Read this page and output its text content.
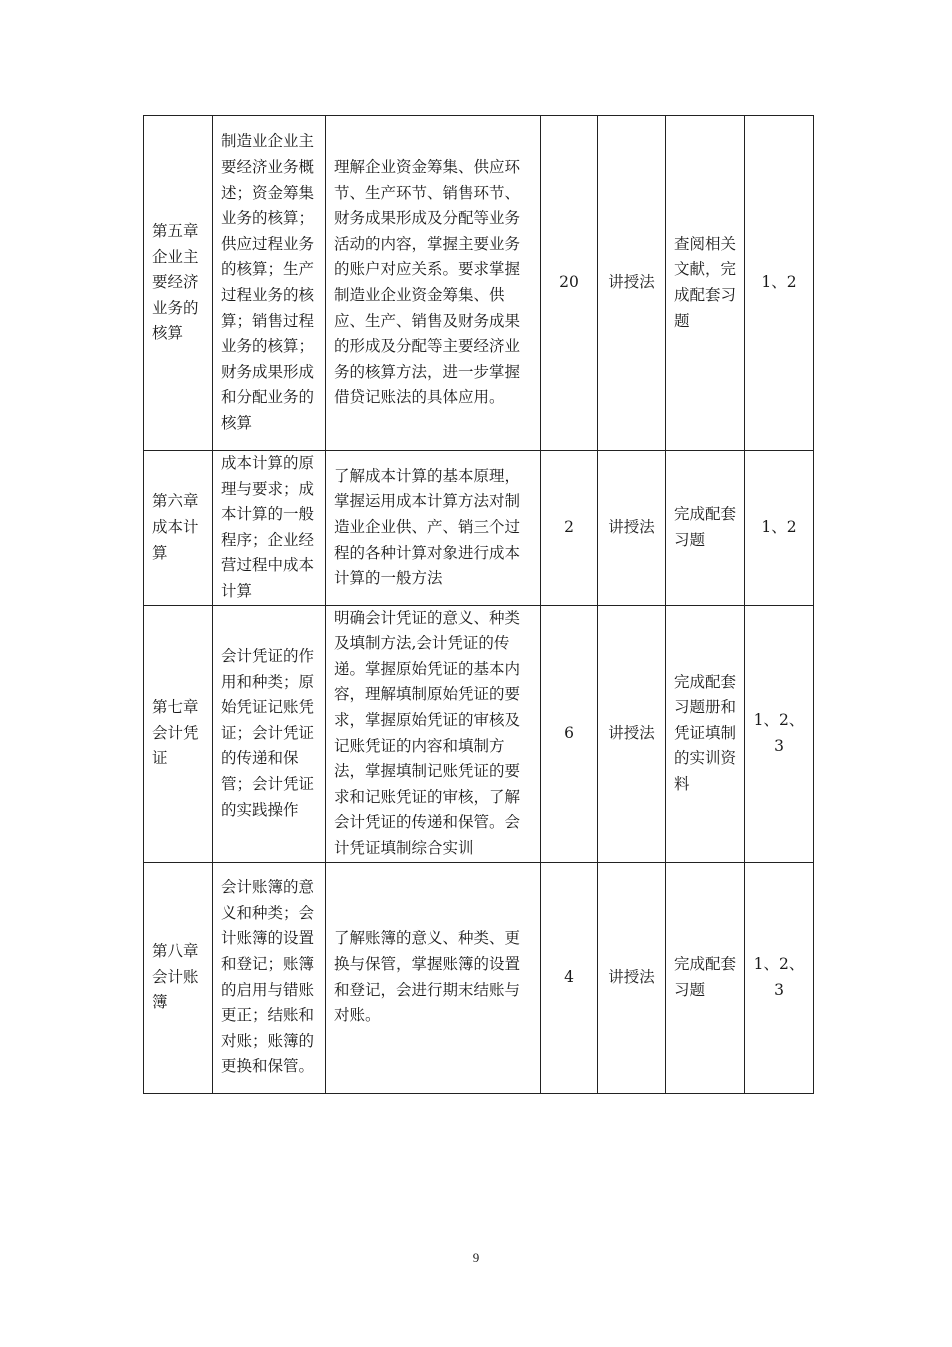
第五章企业主要经济业务的核算	制造业企业主要经济业务概述；资金筹集业务的核算；供应过程业务的核算；生产过程业务的核算；销售过程业务的核算；财务成果形成和分配业务的核算	理解企业资金筹集、供应环节、生产环节、销售环节、财务成果形成及分配等业务活动的内容，掌握主要业务的账户对应关系。要求掌握制造业企业资金筹集、供应、生产、销售及财务成果的形成及分配等主要经济业务的核算方法，进一步掌握借贷记账法的具体应用。	20	讲授法	查阅相关文献，完成配套习题	1、2
第六章成本计算	成本计算的原理与要求；成本计算的一般程序；企业经营过程中成本计算	了解成本计算的基本原理，掌握运用成本计算方法对制造业企业供、产、销三个过程的各种计算对象进行成本计算的一般方法	2	讲授法	完成配套习题	1、2
第七章会计凭证	会计凭证的作用和种类；原始凭证记账凭证；会计凭证的传递和保管；会计凭证的实践操作	明确会计凭证的意义、种类及填制方法,会计凭证的传递。掌握原始凭证的基本内容，理解填制原始凭证的要求，掌握原始凭证的审核及记账凭证的内容和填制方法，掌握填制记账凭证的要求和记账凭证的审核，了解会计凭证的传递和保管。会计凭证填制综合实训	6	讲授法	完成配套习题册和凭证填制的实训资料	1、2、3
第八章会计账簿	会计账簿的意义和种类；会计账簿的设置和登记；账簿的启用与错账更正；结账和对账；账簿的更换和保管。	了解账簿的意义、种类、更换与保管，掌握账簿的设置和登记，会进行期末结账与对账。	4	讲授法	完成配套习题	1、2、3
9
